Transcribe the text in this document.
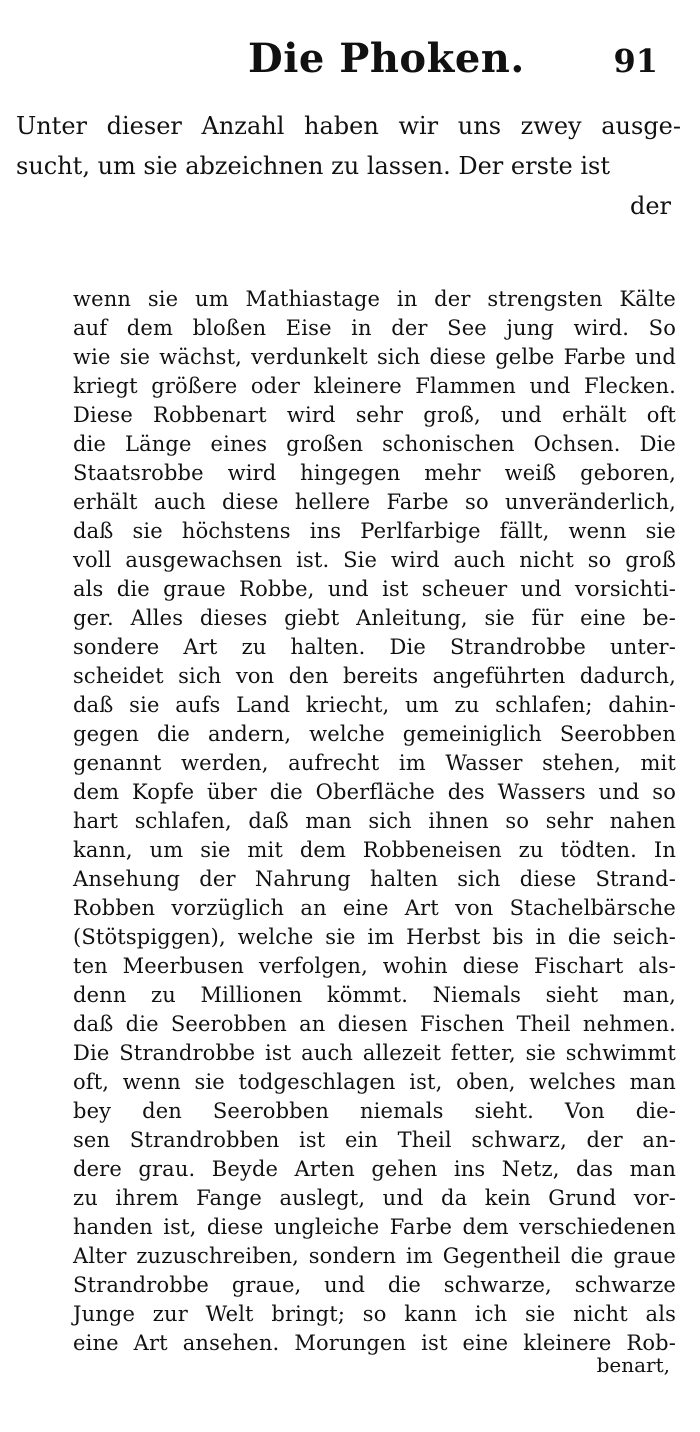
Die Phoken.	91
Unter dieser Anzahl haben wir uns zwey ausge-
sucht, um sie abzeichnen zu lassen. Der erste ist
der
wenn sie um Mathiastage in der strengsten Kälte
auf dem bloßen Eise in der See jung wird. So
wie sie wächst, verdunkelt sich diese gelbe Farbe und
kriegt größere oder kleinere Flammen und Flecken.
Diese Robbenart wird sehr groß, und erhält oft
die Länge eines großen schonischen Ochsen. Die
Staatsrobbe wird hingegen mehr weiß geboren,
erhält auch diese hellere Farbe so unveränderlich,
daß sie höchstens ins Perlfarbige fällt, wenn sie
voll ausgewachsen ist. Sie wird auch nicht so groß
als die graue Robbe, und ist scheuer und vorsichti-
ger. Alles dieses giebt Anleitung, sie für eine be-
sondere Art zu halten. Die Strandrobbe unter-
scheidet sich von den bereits angeführten dadurch,
daß sie aufs Land kriecht, um zu schlafen; dahin-
gegen die andern, welche gemeiniglich Seerobben
genannt werden, aufrecht im Wasser stehen, mit
dem Kopfe über die Oberfläche des Wassers und so
hart schlafen, daß man sich ihnen so sehr nahen
kann, um sie mit dem Robbeneisen zu tödten. In
Ansehung der Nahrung halten sich diese Strand-
Robben vorzüglich an eine Art von Stachelbärsche
(Stötspiggen), welche sie im Herbst bis in die seich-
ten Meerbusen verfolgen, wohin diese Fischart als-
denn zu Millionen kömmt. Niemals sieht man,
daß die Seerobben an diesen Fischen Theil nehmen.
Die Strandrobbe ist auch allezeit fetter, sie schwimmt
oft, wenn sie todgeschlagen ist, oben, welches man
bey den Seerobben niemals sieht. Von die-
sen Strandrobben ist ein Theil schwarz, der an-
dere grau. Beyde Arten gehen ins Netz, das man
zu ihrem Fange auslegt, und da kein Grund vor-
handen ist, diese ungleiche Farbe dem verschiedenen
Alter zuzuschreiben, sondern im Gegentheil die graue
Strandrobbe graue, und die schwarze, schwarze
Junge zur Welt bringt; so kann ich sie nicht als
eine Art ansehen. Morungen ist eine kleinere Rob-
benart,
